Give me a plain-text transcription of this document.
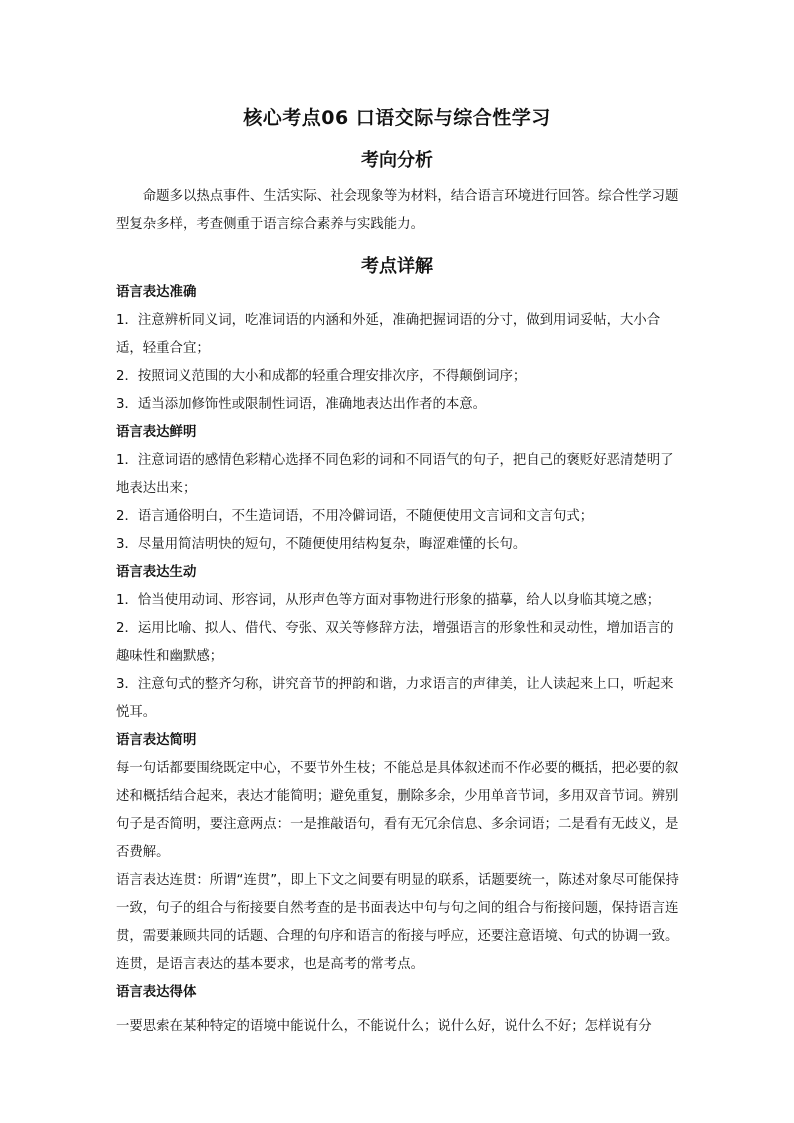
核心考点06 口语交际与综合性学习
考向分析

命题多以热点事件、生活实际、社会现象等为材料，结合语言环境进行回答。综合性学习题型复杂多样，考查侧重于语言综合素养与实践能力。

考点详解

语言表达准确

1．注意辨析同义词，吃准词语的内涵和外延，准确把握词语的分寸，做到用词妥帖，大小合适，轻重合宜；

2．按照词义范围的大小和成都的轻重合理安排次序，不得颠倒词序；

3．适当添加修饰性或限制性词语，准确地表达出作者的本意。

语言表达鲜明

1．注意词语的感情色彩精心选择不同色彩的词和不同语气的句子，把自己的褒贬好恶清楚明了地表达出来；

2．语言通俗明白，不生造词语，不用冷僻词语，不随便使用文言词和文言句式；

3．尽量用简洁明快的短句，不随便使用结构复杂，晦涩难懂的长句。

语言表达生动

1．恰当使用动词、形容词，从形声色等方面对事物进行形象的描摹，给人以身临其境之感；

2．运用比喻、拟人、借代、夸张、双关等修辞方法，增强语言的形象性和灵动性，增加语言的趣味性和幽默感；

3．注意句式的整齐匀称，讲究音节的押韵和谐，力求语言的声律美，让人读起来上口，听起来悦耳。

语言表达简明

每一句话都要围绕既定中心，不要节外生枝；不能总是具体叙述而不作必要的概括，把必要的叙述和概括结合起来，表达才能简明；避免重复，删除多余，少用单音节词，多用双音节词。辨别句子是否简明，要注意两点：一是推敲语句，看有无冗余信息、多余词语；二是看有无歧义，是否费解。

语言表达连贯：所谓“连贯”，即上下文之间要有明显的联系，话题要统一，陈述对象尽可能保持一致，句子的组合与衔接要自然考查的是书面表达中句与句之间的组合与衔接问题，保持语言连贯，需要兼顾共同的话题、合理的句序和语言的衔接与呼应，还要注意语境、句式的协调一致。连贯，是语言表达的基本要求，也是高考的常考点。

语言表达得体

一要思索在某种特定的语境中能说什么，不能说什么；说什么好，说什么不好；怎样说有分
